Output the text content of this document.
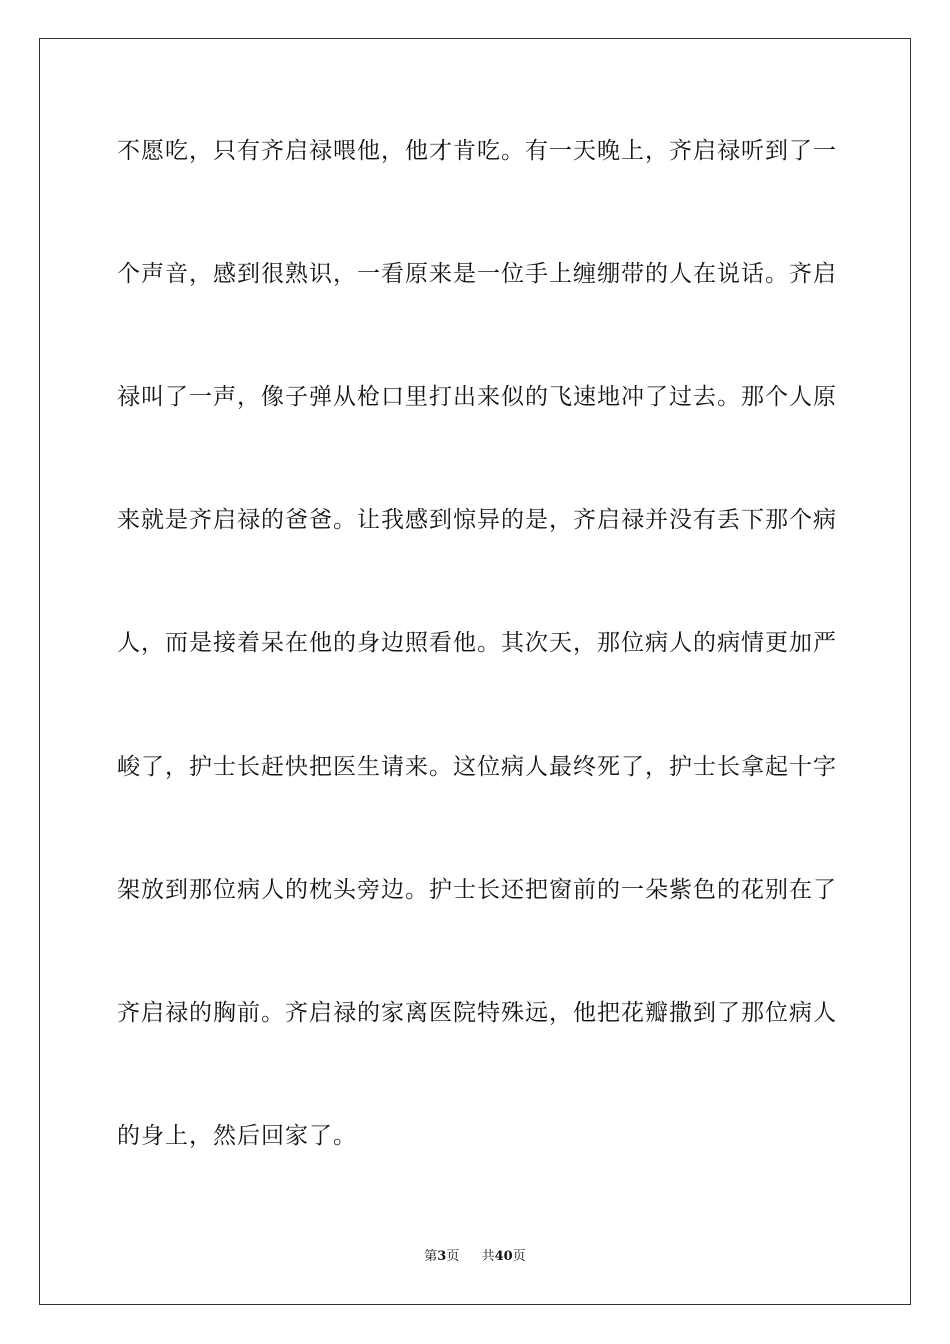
不愿吃，只有齐启禄喂他，他才肯吃。有一天晚上，齐启禄听到了一
个声音，感到很熟识，一看原来是一位手上缠绷带的人在说话。齐启
禄叫了一声，像子弹从枪口里打出来似的飞速地冲了过去。那个人原
来就是齐启禄的爸爸。让我感到惊异的是，齐启禄并没有丢下那个病
人，而是接着呆在他的身边照看他。其次天，那位病人的病情更加严
峻了，护士长赶快把医生请来。这位病人最终死了，护士长拿起十字
架放到那位病人的枕头旁边。护士长还把窗前的一朵紫色的花别在了
齐启禄的胸前。齐启禄的家离医院特殊远，他把花瓣撒到了那位病人
的身上，然后回家了。
第3页 共40页
